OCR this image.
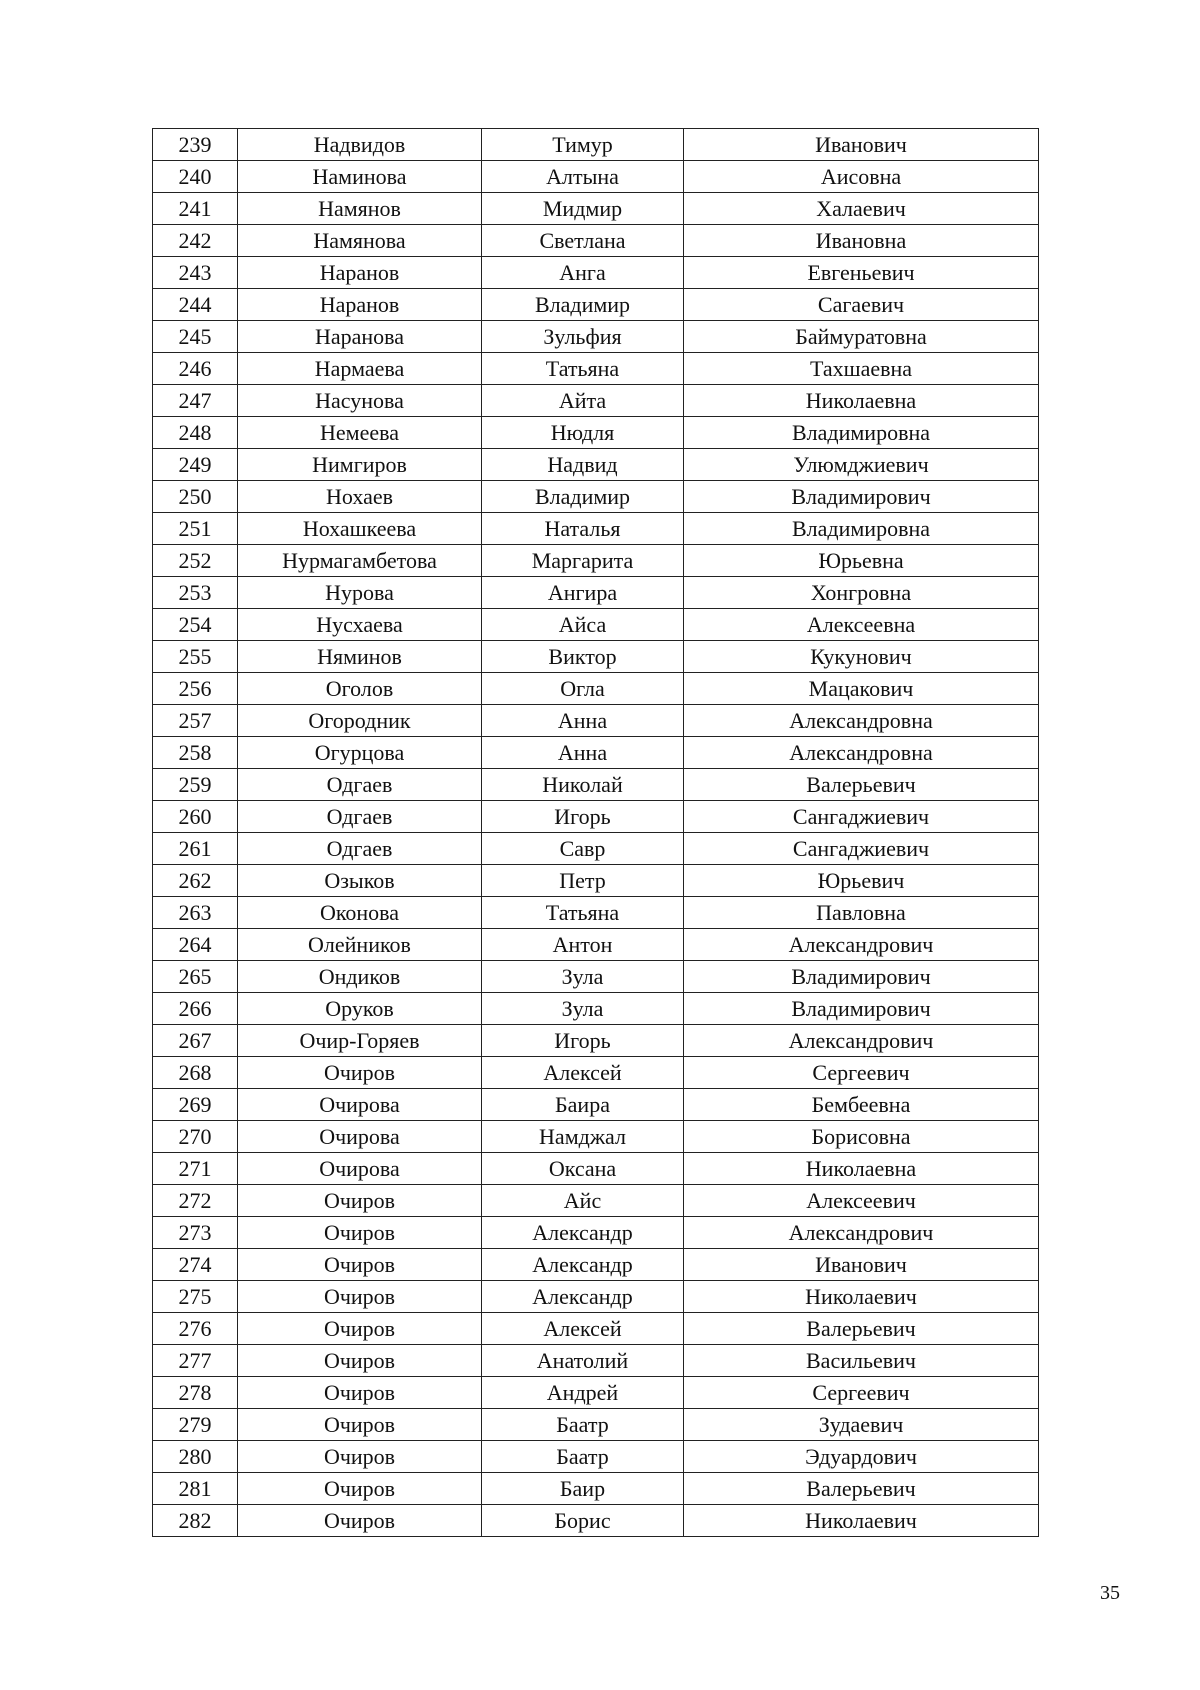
239	Надвидов	Тимур	Иванович
240	Наминова	Алтына	Аисовна
241	Намянов	Мидмир	Халаевич
242	Намянова	Светлана	Ивановна
243	Наранов	Анга	Евгеньевич
244	Наранов	Владимир	Сагаевич
245	Наранова	Зульфия	Баймуратовна
246	Нармаева	Татьяна	Тахшаевна
247	Насунова	Айта	Николаевна
248	Немеева	Нюдля	Владимировна
249	Нимгиров	Надвид	Улюмджиевич
250	Нохаев	Владимир	Владимирович
251	Нохашкеева	Наталья	Владимировна
252	Нурмагамбетова	Маргарита	Юрьевна
253	Нурова	Ангира	Хонгровна
254	Нусхаева	Айса	Алексеевна
255	Няминов	Виктор	Кукунович
256	Оголов	Огла	Мацакович
257	Огородник	Анна	Александровна
258	Огурцова	Анна	Александровна
259	Одгаев	Николай	Валерьевич
260	Одгаев	Игорь	Сангаджиевич
261	Одгаев	Савр	Сангаджиевич
262	Озыков	Петр	Юрьевич
263	Оконова	Татьяна	Павловна
264	Олейников	Антон	Александрович
265	Ондиков	Зула	Владимирович
266	Оруков	Зула	Владимирович
267	Очир-Горяев	Игорь	Александрович
268	Очиров	Алексей	Сергеевич
269	Очирова	Баира	Бембеевна
270	Очирова	Намджал	Борисовна
271	Очирова	Оксана	Николаевна
272	Очиров	Айс	Алексеевич
273	Очиров	Александр	Александрович
274	Очиров	Александр	Иванович
275	Очиров	Александр	Николаевич
276	Очиров	Алексей	Валерьевич
277	Очиров	Анатолий	Васильевич
278	Очиров	Андрей	Сергеевич
279	Очиров	Баатр	Зудаевич
280	Очиров	Баатр	Эдуардович
281	Очиров	Баир	Валерьевич
282	Очиров	Борис	Николаевич
35
